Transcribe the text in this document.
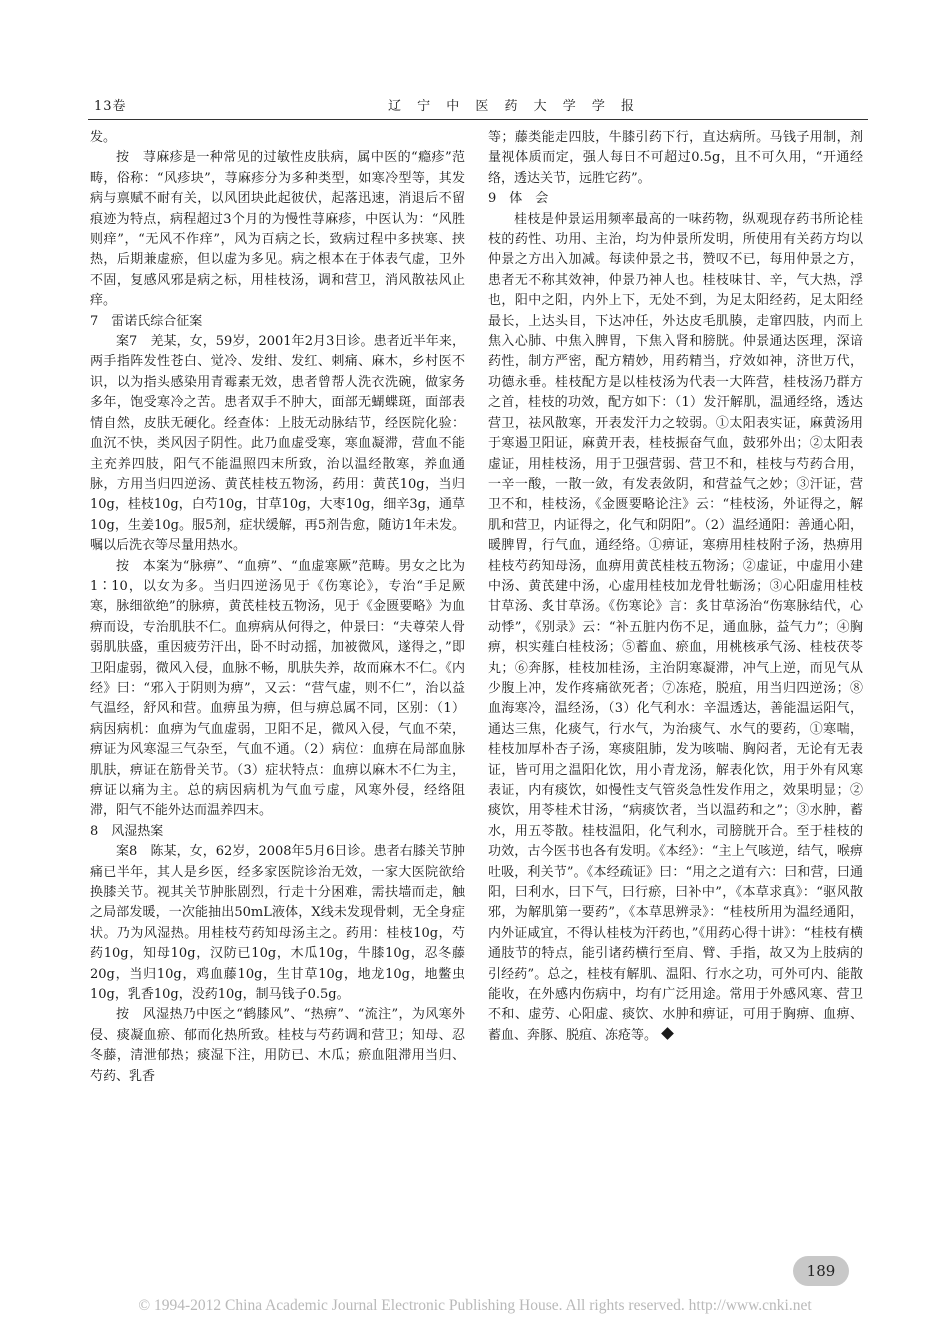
13卷	辽 宁 中 医 药 大 学 学 报

发。

按　荨麻疹是一种常见的过敏性皮肤病，属中医的“瘾疹”范畴，俗称：“风疹块”，荨麻疹分为多种类型，如寒冷型等，其发病与禀赋不耐有关，以风团块此起彼伏，起落迅速，消退后不留痕迹为特点，病程超过3个月的为慢性荨麻疹，中医认为：“风胜则痒”，“无风不作痒”，风为百病之长，致病过程中多挟寒、挟热，后期兼虚瘀，但以虚为多见。病之根本在于体表气虚，卫外不固，复感风邪是病之标，用桂枝汤，调和营卫，消风散祛风止痒。

7　雷诺氏综合征案

案7　羌某，女，59岁，2001年2月3日诊。患者近半年来，两手指阵发性苍白、觉冷、发绀、发红、刺痛、麻木，乡村医不识，以为指头感染用青霉素无效，患者曾帮人洗衣洗碗，做家务多年，饱受寒冷之苦。患者双手不肿大，面部无蝴蝶斑，面部表情自然，皮肤无硬化。经查体：上肢无动脉结节，经医院化验：血沉不快，类风因子阴性。此乃血虚受寒，寒血凝滞，营血不能主充养四肢，阳气不能温照四末所致，治以温经散寒，养血通脉，方用当归四逆汤、黄芪桂枝五物汤，药用：黄芪10g，当归10g，桂枝10g，白芍10g，甘草10g，大枣10g，细辛3g，通草10g，生姜10g。服5剂，症状缓解，再5剂告愈，随访1年未发。嘱以后洗衣等尽量用热水。

按　本案为“脉痹”、“血痹”、“血虚寒厥”范畴。男女之比为1∶10，以女为多。当归四逆汤见于《伤寒论》，专治“手足厥寒，脉细欲绝”的脉痹，黄芪桂枝五物汤，见于《金匮要略》为血痹而设，专治肌肤不仁。血痹病从何得之，仲景曰：“夫尊荣人骨弱肌肤盛，重因疲劳汗出，卧不时动摇，加被微风，遂得之，”即卫阳虚弱，微风入侵，血脉不畅，肌肤失养，故而麻木不仁。《内经》曰：“邪入于阴则为痹”，又云：“营气虚，则不仁”，治以益气温经，舒风和营。血痹虽为痹，但与痹总属不同，区别：（1）病因病机：血痹为气血虚弱，卫阳不足，微风入侵，气血不荣，痹证为风寒湿三气杂至，气血不通。（2）病位：血痹在局部血脉肌肤，痹证在筋骨关节。（3）症状特点：血痹以麻木不仁为主，痹证以痛为主。总的病因病机为气血亏虚，风寒外侵，经络阻滞，阳气不能外达而温养四末。

8　风湿热案

案8　陈某，女，62岁，2008年5月6日诊。患者右膝关节肿痛已半年，其人是乡医，经多家医院诊治无效，一家大医院欲给换膝关节。视其关节肿胀剧烈，行走十分困难，需扶墙而走，触之局部发暖，一次能抽出50mL液体，X线未发现骨刺，无全身症状。乃为风湿热。用桂枝芍药知母汤主之。药用：桂枝10g，芍药10g，知母10g，汉防已10g，木瓜10g，牛膝10g，忍冬藤20g，当归10g，鸡血藤10g，生甘草10g，地龙10g，地鳖虫10g，乳香10g，没药10g，制马钱子0.5g。

按　风湿热乃中医之“鹤膝风”、“热痹”、“流注”，为风寒外侵、痰凝血瘀、郁而化热所致。桂枝与芍药调和营卫；知母、忍冬藤，清泄郁热；痰湿下注，用防已、木瓜；瘀血阻滞用当归、芍药、乳香

等；藤类能走四肢，牛膝引药下行，直达病所。马钱子用制，剂量视体质而定，强人每日不可超过0.5g，且不可久用，“开通经络，透达关节，远胜它药”。

9　体　会

桂枝是仲景运用频率最高的一味药物，纵观现存药书所论桂枝的药性、功用、主治，均为仲景所发明，所使用有关药方均以仲景之方出入加减。每读仲景之书，赞叹不已，每用仲景之方，患者无不称其效神，仲景乃神人也。桂枝味甘、辛，气大热，浮也，阳中之阳，内外上下，无处不到，为足太阳经药，足太阳经最长，上达头目，下达冲任，外达皮毛肌腠，走窜四肢，内而上焦入心肺、中焦入脾胃，下焦入肾和膀胱。仲景通达医理，深谙药性，制方严密，配方精妙，用药精当，疗效如神，济世万代，功德永垂。桂枝配方是以桂枝汤为代表一大阵营，桂枝汤乃群方之首，桂枝的功效，配方如下：（1）发汗解肌，温通经络，透达营卫，祛风散寒，开表发汗力之较弱。①太阳表实证，麻黄汤用于寒遏卫阳证，麻黄开表，桂枝振奋气血，鼓邪外出；②太阳表虚证，用桂枝汤，用于卫强营弱、营卫不和，桂枝与芍药合用，一辛一酸，一散一敛，有发表敛阴，和营益气之妙；③汗证，营卫不和，桂枝汤，《金匮要略论注》云：“桂枝汤，外证得之，解肌和营卫，内证得之，化气和阴阳”。（2）温经通阳：善通心阳，暖脾胃，行气血，通经络。①痹证，寒痹用桂枝附子汤，热痹用桂枝芍药知母汤，血痹用黄芪桂枝五物汤；②虚证，中虚用小建中汤、黄芪建中汤，心虚用桂枝加龙骨牡蛎汤；③心阳虚用桂枝甘草汤、炙甘草汤。《伤寒论》言：炙甘草汤治“伤寒脉结代，心动悸”，《别录》云：“补五脏内伤不足，通血脉，益气力”；④胸痹，枳实薤白桂枝汤；⑤蓄血、瘀血，用桃核承气汤、桂枝茯苓丸；⑥奔豚，桂枝加桂汤，主治阴寒凝滞，冲气上逆，而见气从少腹上冲，发作疼痛欲死者；⑦冻疮，脱疽，用当归四逆汤；⑧血海寒冷，温经汤，（3）化气利水：辛温透达，善能温运阳气，通达三焦，化痰气，行水气，为治痰气、水气的要药，①寒喘，桂枝加厚朴杏子汤，寒痰阻肺，发为咳喘、胸闷者，无论有无表证，皆可用之温阳化饮，用小青龙汤，解表化饮，用于外有风寒表证，内有痰饮，如慢性支气管炎急性发作用之，效果明显；②痰饮，用苓桂术甘汤，“病痰饮者，当以温药和之”；③水肿，蓄水，用五苓散。桂枝温阳，化气利水，司膀胱开合。至于桂枝的功效，古今医书也各有发明。《本经》：“主上气咳逆，结气，喉痹吐吸，利关节”。《本经疏证》曰：“用之之道有六：曰和营，曰通阳，曰利水，曰下气，曰行瘀，曰补中”，《本草求真》：“驱风散邪，为解肌第一要药”，《本草思辨录》：“桂枝所用为温经通阳，内外证咸宜，不得认桂枝为汗药也，”《用药心得十讲》：“桂枝有横通肢节的特点，能引诸药横行至肩、臂、手指，故又为上肢病的引经药”。总之，桂枝有解肌、温阳、行水之功，可外可内、能散能收，在外感内伤病中，均有广泛用途。常用于外感风寒、营卫不和、虚劳、心阳虚、痰饮、水肿和痹证，可用于胸痹、血痹、蓄血、奔豚、脱疽、冻疮等。

189
© 1994-2012 China Academic Journal Electronic Publishing House. All rights reserved. http://www.cnki.net
